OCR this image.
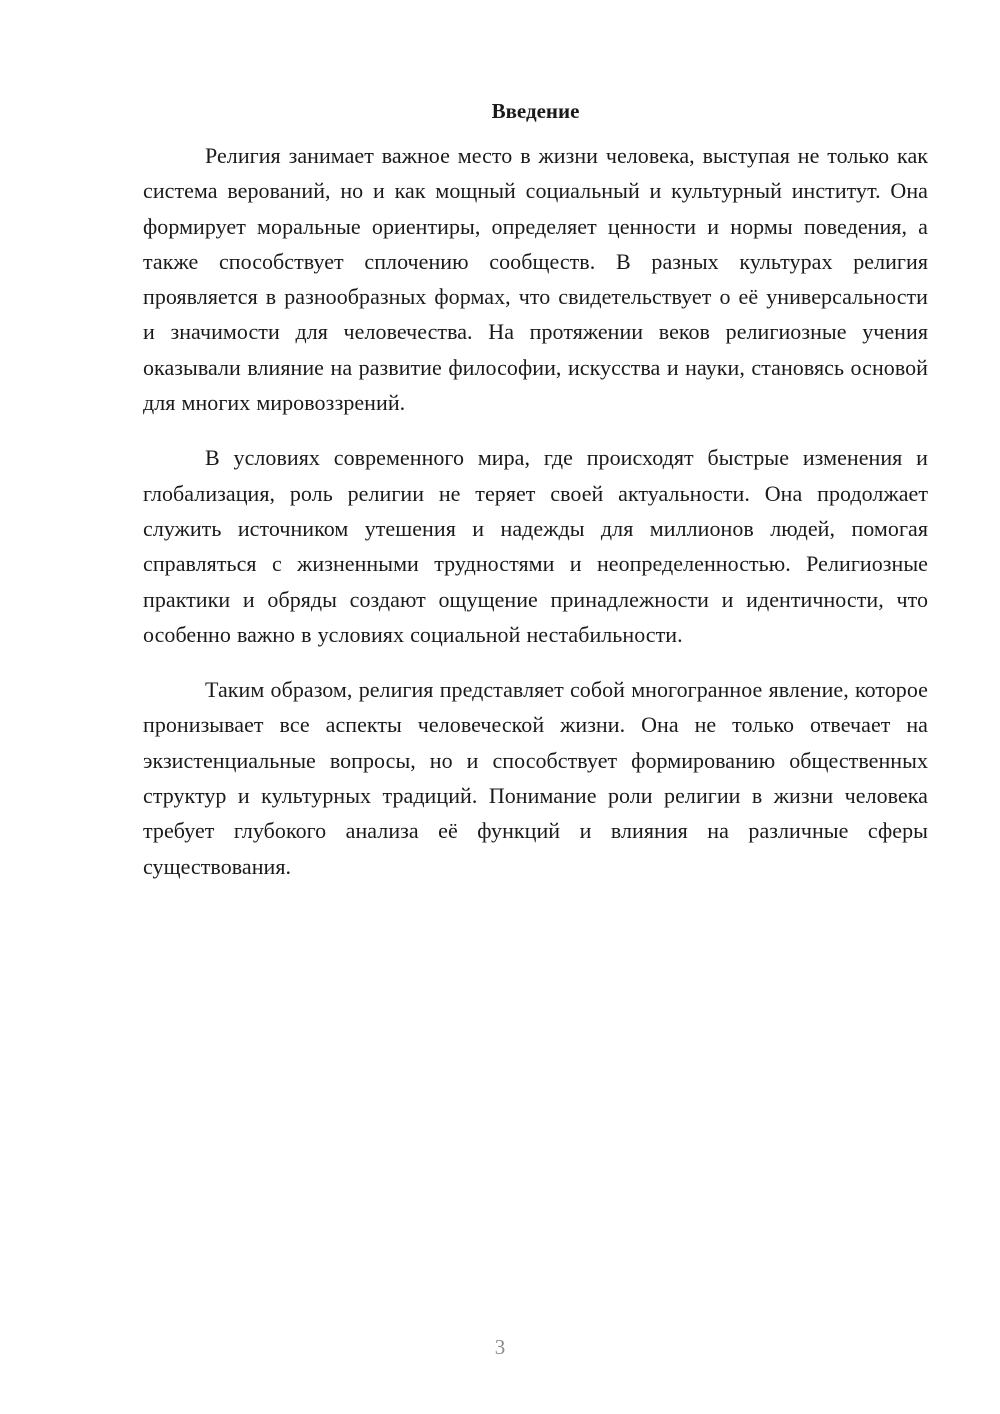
Введение

Религия занимает важное место в жизни человека, выступая не только как система верований, но и как мощный социальный и культурный институт. Она формирует моральные ориентиры, определяет ценности и нормы поведения, а также способствует сплочению сообществ. В разных культурах религия проявляется в разнообразных формах, что свидетельствует о её универсальности и значимости для человечества. На протяжении веков религиозные учения оказывали влияние на развитие философии, искусства и науки, становясь основой для многих мировоззрений.

В условиях современного мира, где происходят быстрые изменения и глобализация, роль религии не теряет своей актуальности. Она продолжает служить источником утешения и надежды для миллионов людей, помогая справляться с жизненными трудностями и неопределенностью. Религиозные практики и обряды создают ощущение принадлежности и идентичности, что особенно важно в условиях социальной нестабильности.

Таким образом, религия представляет собой многогранное явление, которое пронизывает все аспекты человеческой жизни. Она не только отвечает на экзистенциальные вопросы, но и способствует формированию общественных структур и культурных традиций. Понимание роли религии в жизни человека требует глубокого анализа её функций и влияния на различные сферы существования.

3
